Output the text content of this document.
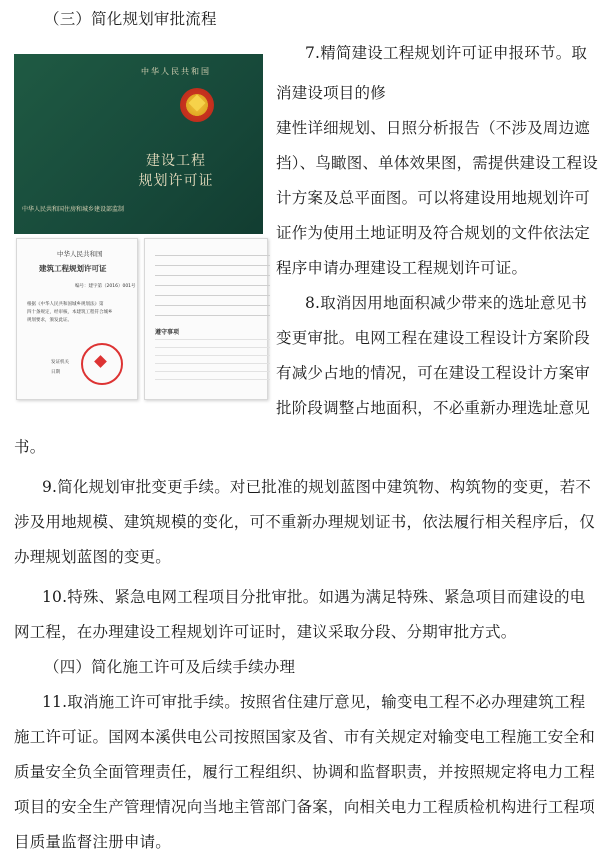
（三）简化规划审批流程
中华人民共和国
建设工程
规划许可证
中华人民共和国住房和城乡建设部监制
中华人民共和国
建筑工程规划许可证
编号：建字第（2016）001号
根据《中华人民共和国城乡规划法》第
四十条规定，经审核，本建筑工程符合城乡
规划要求，颁发此证。
发证机关
日期
遵守事项
7.精简建设工程规划许可证申报环节。取
消建设项目的修
建性详细规划、日照分析报告（不涉及周边遮
挡）、鸟瞰图、单体效果图，需提供建设工程设
计方案及总平面图。可以将建设用地规划许可
证作为使用土地证明及符合规划的文件依法定
程序申请办理建设工程规划许可证。
8.取消因用地面积减少带来的选址意见书
变更审批。电网工程在建设工程设计方案阶段
有减少占地的情况，可在建设工程设计方案审
批阶段调整占地面积，不必重新办理选址意见
书。
9.简化规划审批变更手续。对已批准的规划蓝图中建筑物、构筑物的变更，若不
涉及用地规模、建筑规模的变化，可不重新办理规划证书，依法履行相关程序后，仅
办理规划蓝图的变更。
10.特殊、紧急电网工程项目分批审批。如遇为满足特殊、紧急项目而建设的电
网工程，在办理建设工程规划许可证时，建议采取分段、分期审批方式。
（四）简化施工许可及后续手续办理
11.取消施工许可审批手续。按照省住建厅意见，输变电工程不必办理建筑工程
施工许可证。国网本溪供电公司按照国家及省、市有关规定对输变电工程施工安全和
质量安全负全面管理责任，履行工程组织、协调和监督职责，并按照规定将电力工程
项目的安全生产管理情况向当地主管部门备案，向相关电力工程质检机构进行工程项
目质量监督注册申请。
